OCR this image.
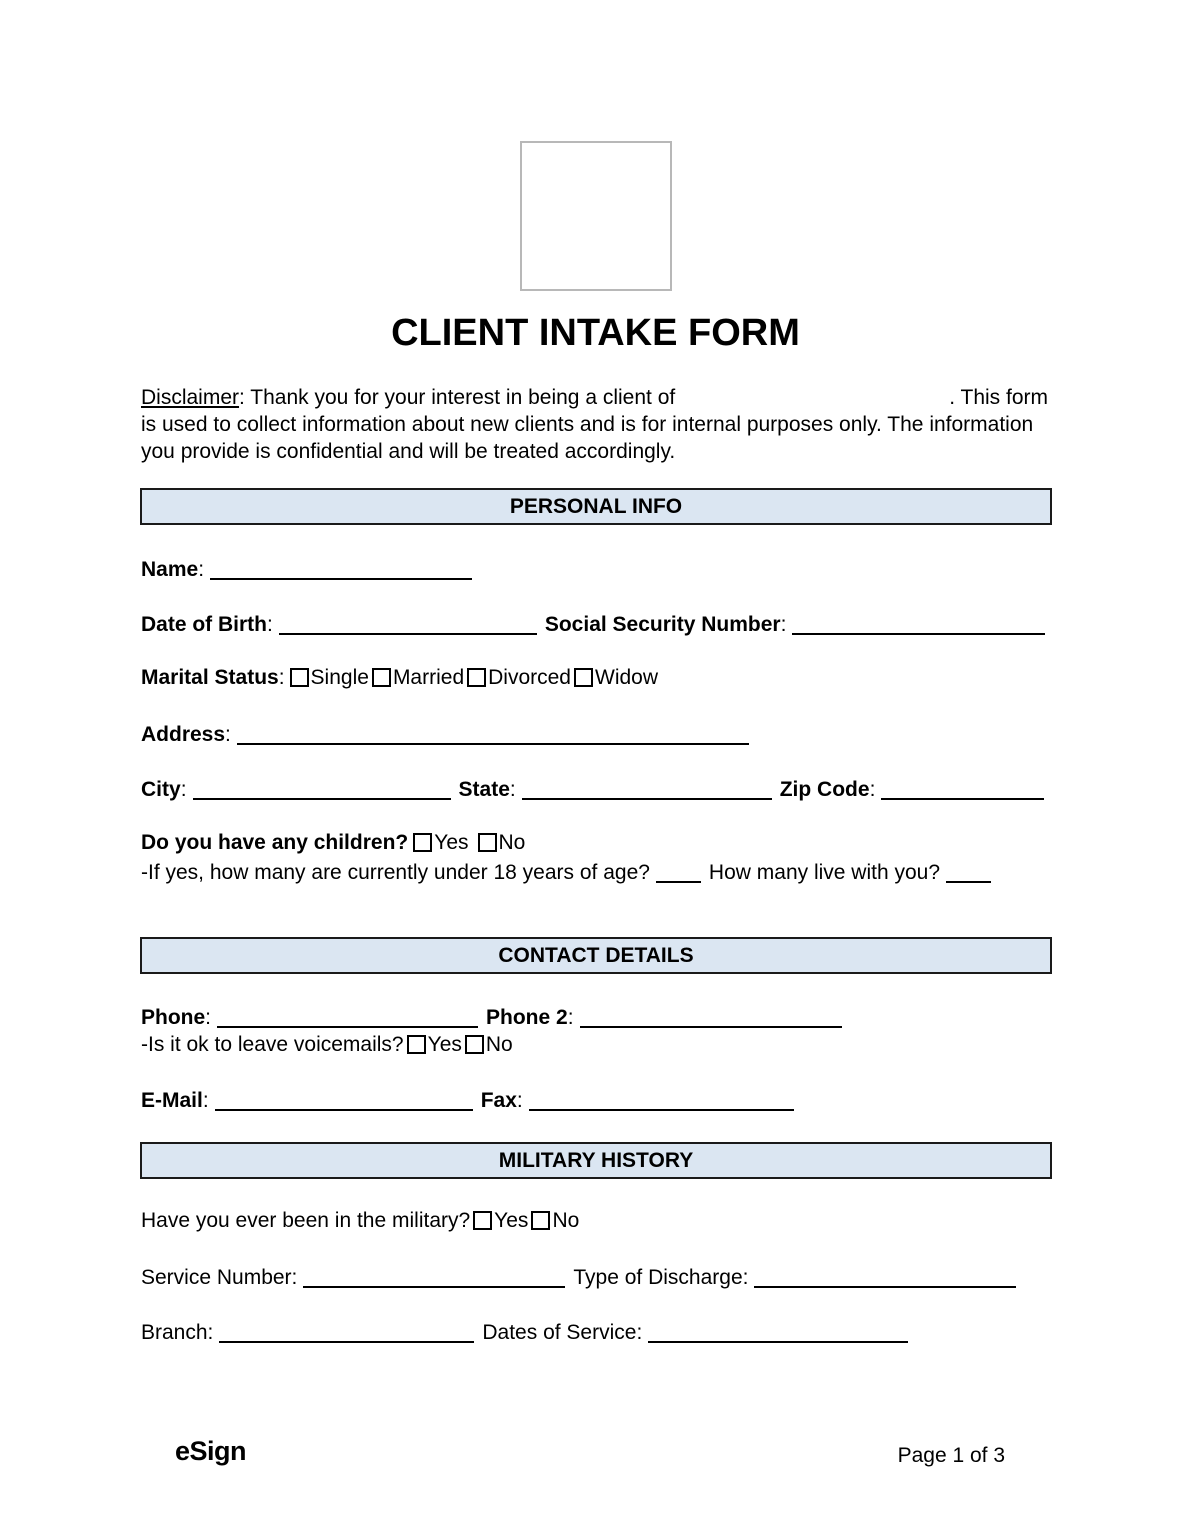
CLIENT INTAKE FORM

Disclaimer: Thank you for your interest in being a client of	. This form is used to collect information about new clients and is for internal purposes only. The information you provide is confidential and will be treated accordingly.

PERSONAL INFO
Name:
Date of Birth:	Social Security Number:
Marital Status: Single Married Divorced Widow
Address:
City:	State:	Zip Code:
Do you have any children? Yes No
-If yes, how many are currently under 18 years of age?	How many live with you?
CONTACT DETAILS
Phone:	Phone 2:
-Is it ok to leave voicemails? Yes No
E-Mail:	Fax:
MILITARY HISTORY
Have you ever been in the military? Yes No
Service Number:	Type of Discharge:
Branch:	Dates of Service:
eSign	Page 1 of 3
